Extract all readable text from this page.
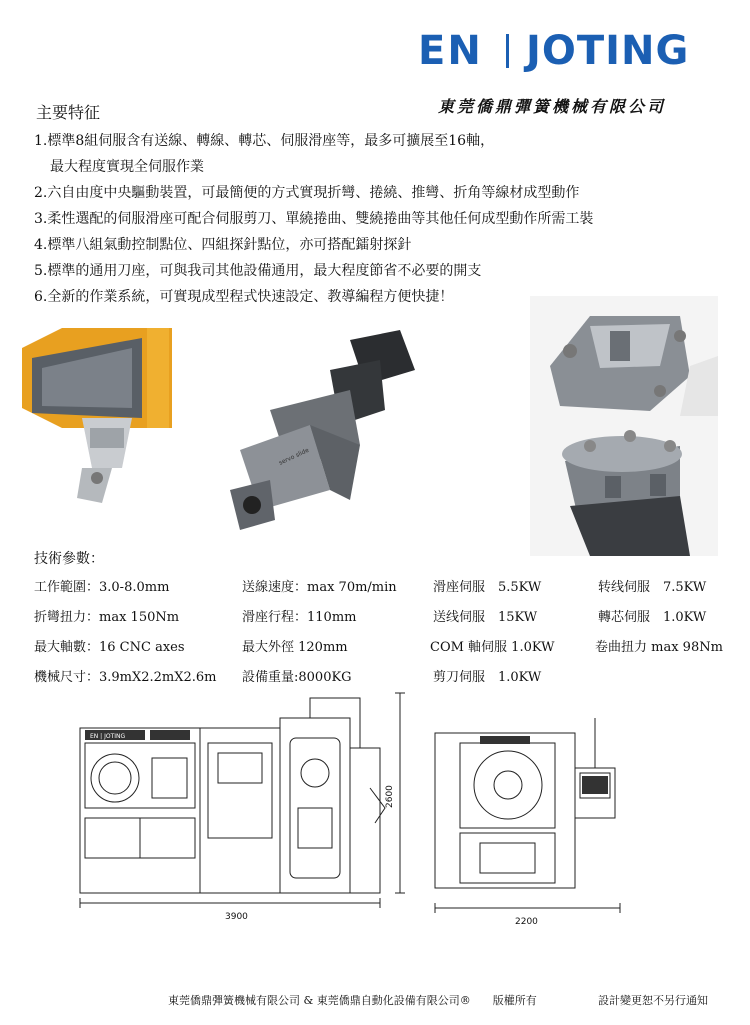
EN JOTING
東莞僑鼎彈簧機械有限公司
主要特征
1.標準8組伺服含有送線、轉線、轉芯、伺服滑座等，最多可擴展至16軸，
最大程度實現全伺服作業
2.六自由度中央驅動裝置，可最簡便的方式實現折彎、捲繞、推彎、折角等線材成型動作
3.柔性選配的伺服滑座可配合伺服剪刀、單繞捲曲、雙繞捲曲等其他任何成型動作所需工裝
4.標準八組氣動控制點位、四組探針點位，亦可搭配鐳射探針
5.標準的通用刀座，可與我司其他設備通用，最大程度節省不必要的開支
6.全新的作業系統，可實現成型程式快速設定、教導編程方便快捷！
servo slide
技術參數：
工作範圍：3.0-8.0mm	送線速度：max 70m/min	滑座伺服　5.5KW	转线伺服　7.5KW
折彎扭力：max 150Nm	滑座行程：110mm	送线伺服　15KW	轉芯伺服　1.0KW
最大軸數：16 CNC axes	最大外徑 120mm	COM 軸伺服 1.0KW	卷曲扭力 max 98Nm
機械尺寸：3.9mX2.2mX2.6m 設備重量:8000KG	剪刀伺服　1.0KW
3900	2200
2600
EN | JOTING
東莞僑鼎彈簧機械有限公司 & 東莞僑鼎自動化設備有限公司®　　版權所有	設計變更恕不另行通知
